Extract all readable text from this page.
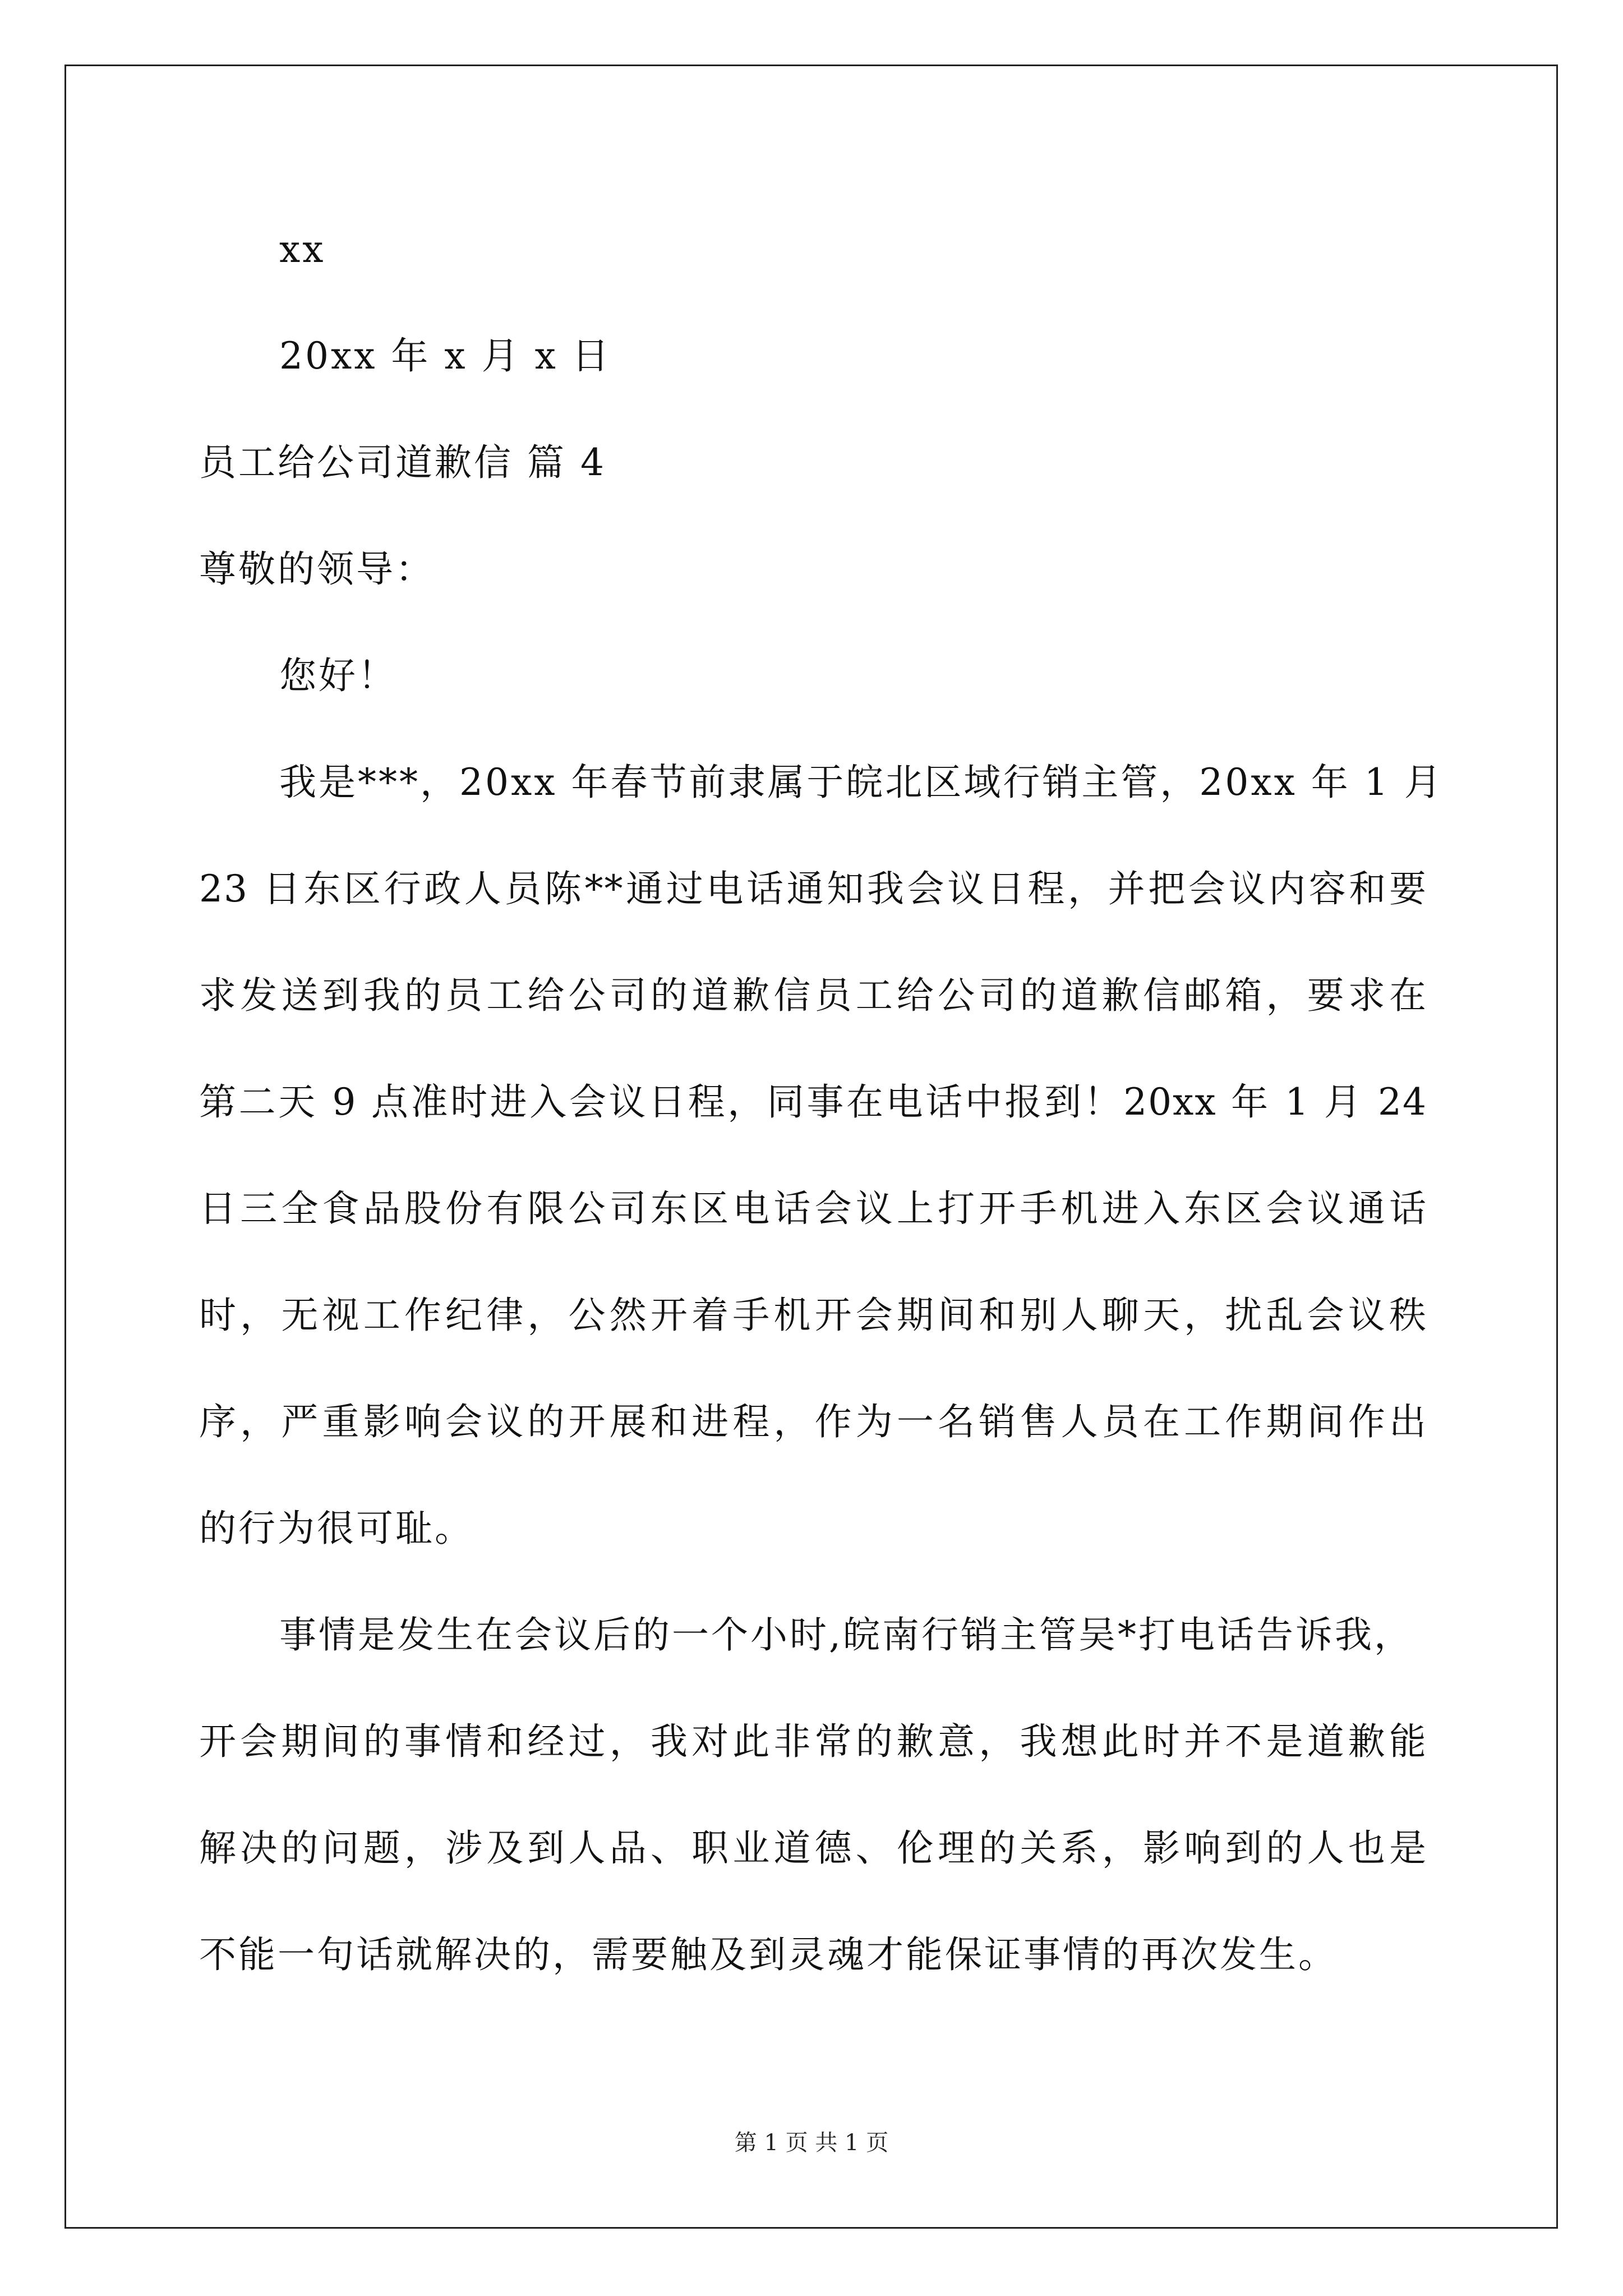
xx
20xx 年 x 月 x 日
员工给公司道歉信 篇 4
尊敬的领导：
您好！
我是***，20xx 年春节前隶属于皖北区域行销主管，20xx 年 1 月
23 日东区行政人员陈**通过电话通知我会议日程，并把会议内容和要
求发送到我的员工给公司的道歉信员工给公司的道歉信邮箱，要求在
第二天 9 点准时进入会议日程，同事在电话中报到！20xx 年 1 月 24
日三全食品股份有限公司东区电话会议上打开手机进入东区会议通话
时，无视工作纪律，公然开着手机开会期间和别人聊天，扰乱会议秩
序，严重影响会议的开展和进程，作为一名销售人员在工作期间作出
的行为很可耻。
事情是发生在会议后的一个小时,皖南行销主管吴*打电话告诉我，
开会期间的事情和经过，我对此非常的歉意，我想此时并不是道歉能
解决的问题，涉及到人品、职业道德、伦理的关系，影响到的人也是
不能一句话就解决的，需要触及到灵魂才能保证事情的再次发生。
第 1 页 共 1 页
